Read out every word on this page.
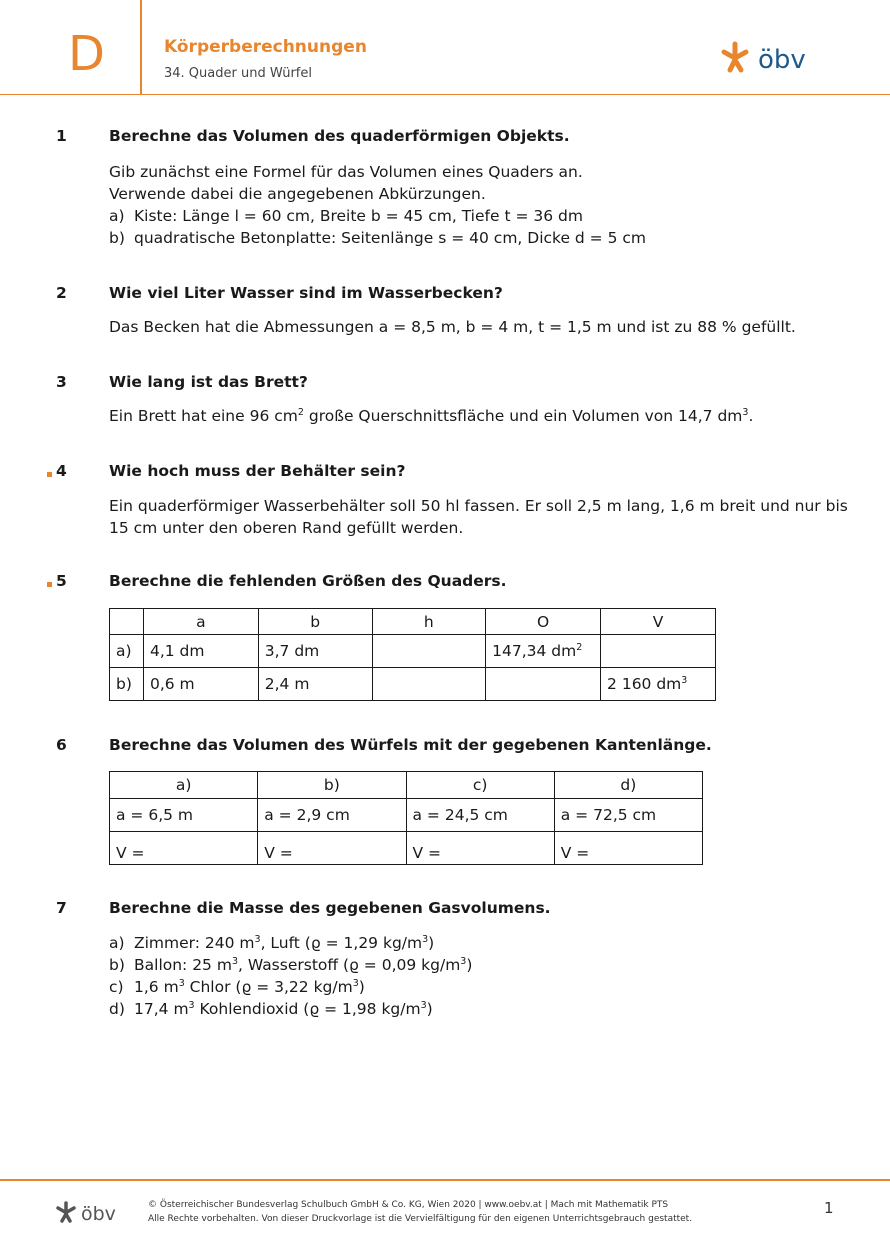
D	Körperberechnungen
34. Quader und Würfel	öbv
1	Berechne das Volumen des quaderförmigen Objekts.
Gib zunächst eine Formel für das Volumen eines Quaders an.
Verwende dabei die angegebenen Abkürzungen.
a) Kiste: Länge l = 60 cm, Breite b = 45 cm, Tiefe t = 36 dm
b) quadratische Betonplatte: Seitenlänge s = 40 cm, Dicke d = 5 cm
2	Wie viel Liter Wasser sind im Wasserbecken?
Das Becken hat die Abmessungen a = 8,5 m, b = 4 m, t = 1,5 m und ist zu 88 % gefüllt.
3	Wie lang ist das Brett?
Ein Brett hat eine 96 $cm^2$ große Querschnittsfläche und ein Volumen von 14,7 $dm^3$.
4	Wie hoch muss der Behälter sein?
Ein quaderförmiger Wasserbehälter soll 50 hl fassen. Er soll 2,5 m lang, 1,6 m breit und nur bis
15 cm unter den oberen Rand gefüllt werden.
5	Berechne die fehlenden Größen des Quaders.
	a	b	h	O	V
a)	4,1 dm	3,7 dm		147,34 $dm^2$	
b)	0,6 m	2,4 m			2 160 $dm^3$
6	Berechne das Volumen des Würfels mit der gegebenen Kantenlänge.
a)	b)	c)	d)
a = 6,5 m	a = 2,9 cm	a = 24,5 cm	a = 72,5 cm
V =	V =	V =	V =
7	Berechne die Masse des gegebenen Gasvolumens.
a) Zimmer: 240 $m^3$, Luft (ϱ = 1,29 $kg/m^3$)
b) Ballon: 25 $m^3$, Wasserstoff (ϱ = 0,09 $kg/m^3$)
c) 1,6 $m^3$ Chlor (ϱ = 3,22 $kg/m^3$)
d) 17,4 $m^3$ Kohlendioxid (ϱ = 1,98 $kg/m^3$)
öbv	© Österreichischer Bundesverlag Schulbuch GmbH & Co. KG, Wien 2020 | www.oebv.at | Mach mit Mathematik PTS
Alle Rechte vorbehalten. Von dieser Druckvorlage ist die Vervielfältigung für den eigenen Unterrichtsgebrauch gestattet.
1
